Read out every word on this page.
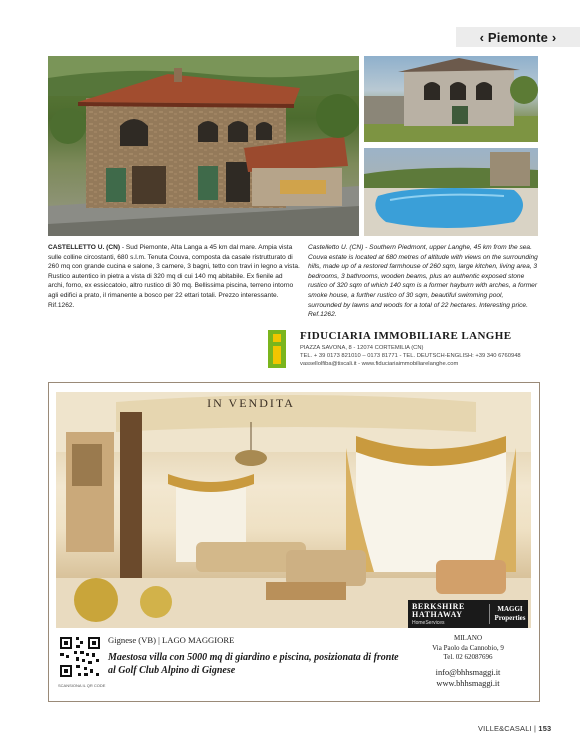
‹ Piemonte ›
CASTELLETTO U. (CN) - Sud Piemonte, Alta Langa a 45 km dal mare. Ampia vista sulle colline circostanti, 680 s.l.m. Tenuta Couva, composta da casale ristrutturato di 260 mq con grande cucina e salone, 3 camere, 3 bagni, tetto con travi in legno a vista. Rustico autentico in pietra a vista di 320 mq di cui 140 mq abitabile. Ex fienile ad archi, forno, ex essiccatoio, altro rustico di 30 mq. Bellissima piscina, terreno intorno agli edifici a prato, il rimanente a bosco per 22 ettari totali. Prezzo interessante. Rif.1262.
Castelletto U. (CN) - Southern Piedmont, upper Langhe, 45 km from the sea. Couva estate is located at 680 metres of altitude with views on the surrounding hills, made up of a restored farmhouse of 260 sqm, large kitchen, living area, 3 bedrooms, 3 bathrooms, wooden beams, plus an authentic exposed stone rustico of 320 sqm of which 140 sqm is a former hayburn with arches, a former smoke house, a further rustico of 30 sqm, beautiful swimming pool, surrounded by lawns and woods for a total of 22 hectares. Interesting price. Ref.1262.
FIDUCIARIA IMMOBILIARE LANGHE
PIAZZA SAVONA, 8 - 12074 CORTEMILIA (CN)
TEL. + 39 0173 821010 – 0173 81771 - TEL. DEUTSCH-ENGLISH: +39 340 6760948
vassellolfiba@tiscali.it - www.fiduciariaimmobiliarelanghe.com
IN VENDITA
BERKSHIRE
HATHAWAY
HomeServices
MAGGI
Properties
SCANSIONA IL QR CODE
Gignese (VB) | LAGO MAGGIORE
Maestosa villa con 5000 mq di giardino e piscina, posizionata di fronte al Golf Club Alpino di Gignese
MILANO
Via Paolo da Cannobio, 9
Tel. 02 62087696
info@bhhsmaggi.it
www.bhhsmaggi.it
VILLE&CASALI | 153
